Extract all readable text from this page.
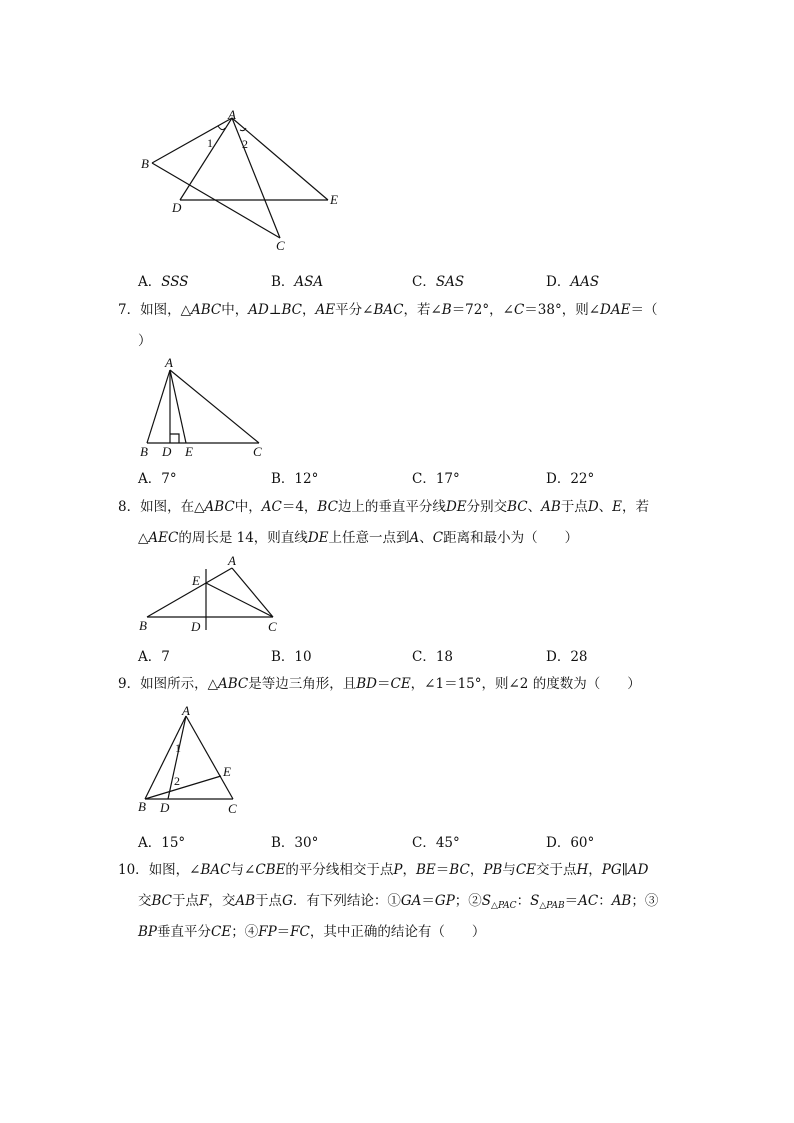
A
B
C
D
E
1 2
A．SSS	B．ASA	C．SAS	D．AAS
7．如图，△ABC中，AD⊥BC，AE平分∠BAC，若∠B＝72°，∠C＝38°，则∠DAE＝（
）
A
B	C
D E
A．7°	B．12°	C．17°	D．22°
8．如图，在△ABC中，AC＝4，BC边上的垂直平分线DE分别交BC、AB于点D、E，若
△AEC的周长是 14，则直线DE上任意一点到A、C距离和最小为（　　）
A
B	C
D
E
A．7	B．10	C．18	D．28
9．如图所示，△ABC是等边三角形，且BD＝CE，∠1＝15°，则∠2 的度数为（　　）
A
B	C
D
E
1
2
A．15°	B．30°	C．45°	D．60°
10．如图，∠BAC与∠CBE的平分线相交于点P，BE＝BC，PB与CE交于点H，PG∥AD
交BC于点F，交AB于点G．有下列结论：①GA＝GP；$②S_{\triangle PAC}$：$S_{\triangle PAB}=AC$：AB；③
BP垂直平分CE；④FP＝FC，其中正确的结论有（　　）
